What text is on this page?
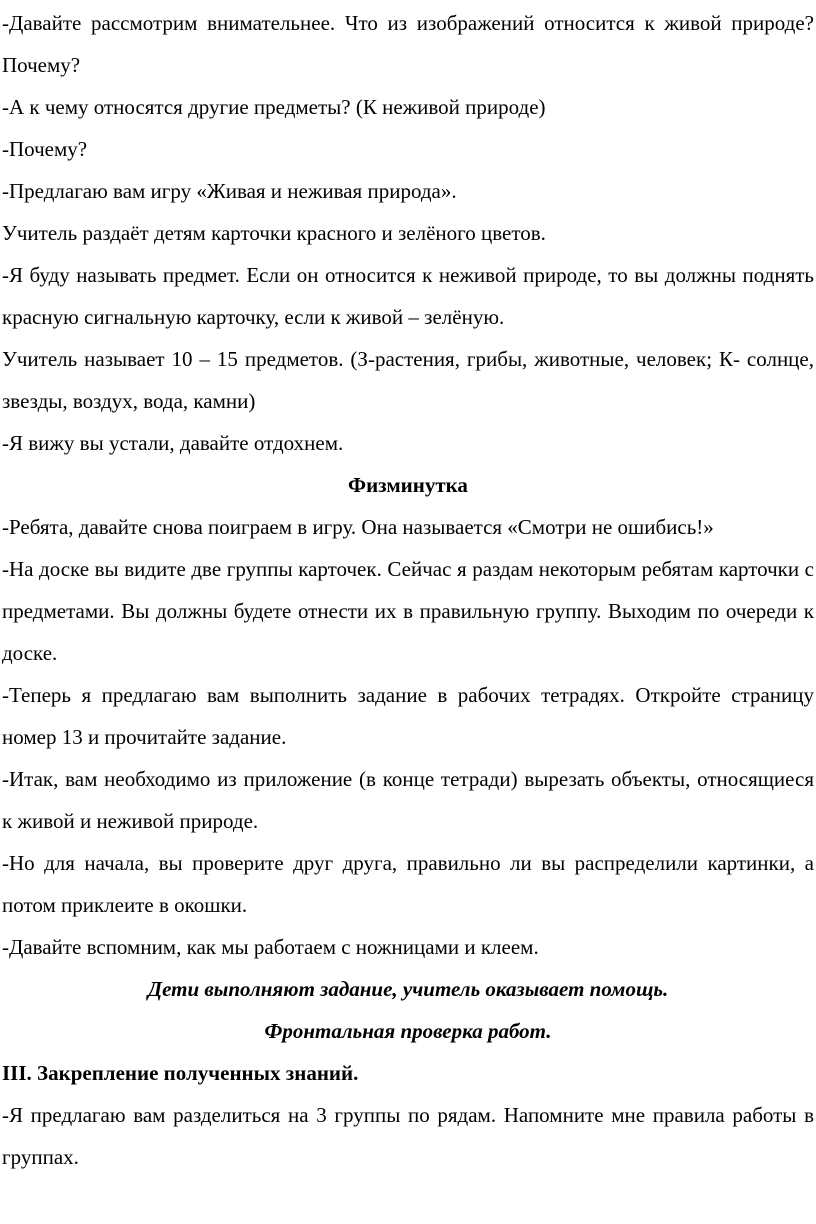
-Давайте рассмотрим внимательнее. Что из изображений относится к живой природе? Почему?

-А к чему относятся другие предметы? (К неживой природе)

-Почему?

-Предлагаю вам игру «Живая и неживая природа».

Учитель раздаёт детям карточки красного и зелёного цветов.

-Я буду называть предмет. Если он относится к неживой природе, то вы должны поднять красную сигнальную карточку, если к живой – зелёную.

Учитель называет 10 – 15 предметов. (З-растения, грибы, животные, человек; К- солнце, звезды, воздух, вода, камни)

-Я вижу вы устали, давайте отдохнем.

Физминутка

-Ребята, давайте снова поиграем в игру. Она называется «Смотри не ошибись!»

-На доске вы видите две группы карточек. Сейчас я раздам некоторым ребятам карточки с предметами. Вы должны будете отнести их в правильную группу. Выходим по очереди к доске.

-Теперь я предлагаю вам выполнить задание в рабочих тетрадях. Откройте страницу номер 13 и прочитайте задание.

-Итак, вам необходимо из приложение (в конце тетради) вырезать объекты, относящиеся к живой и неживой природе.

-Но для начала, вы проверите друг друга, правильно ли вы распределили картинки, а потом приклеите в окошки.

-Давайте вспомним, как мы работаем с ножницами и клеем.

Дети выполняют задание, учитель оказывает помощь.

Фронтальная проверка работ.

III. Закрепление полученных знаний.

-Я предлагаю вам разделиться на 3 группы по рядам. Напомните мне правила работы в группах.
